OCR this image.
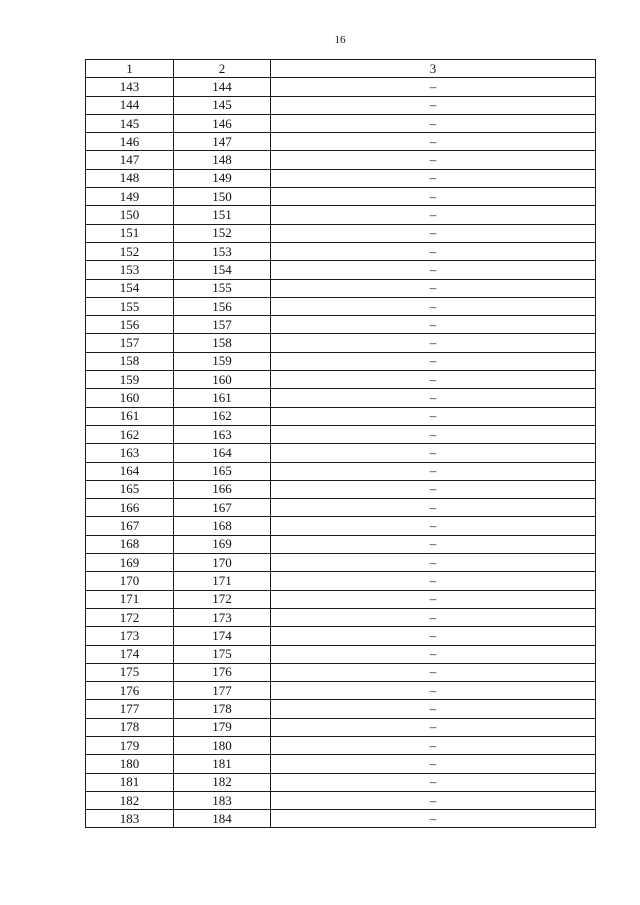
16
1	2	3
143	144	–
144	145	–
145	146	–
146	147	–
147	148	–
148	149	–
149	150	–
150	151	–
151	152	–
152	153	–
153	154	–
154	155	–
155	156	–
156	157	–
157	158	–
158	159	–
159	160	–
160	161	–
161	162	–
162	163	–
163	164	–
164	165	–
165	166	–
166	167	–
167	168	–
168	169	–
169	170	–
170	171	–
171	172	–
172	173	–
173	174	–
174	175	–
175	176	–
176	177	–
177	178	–
178	179	–
179	180	–
180	181	–
181	182	–
182	183	–
183	184	–
